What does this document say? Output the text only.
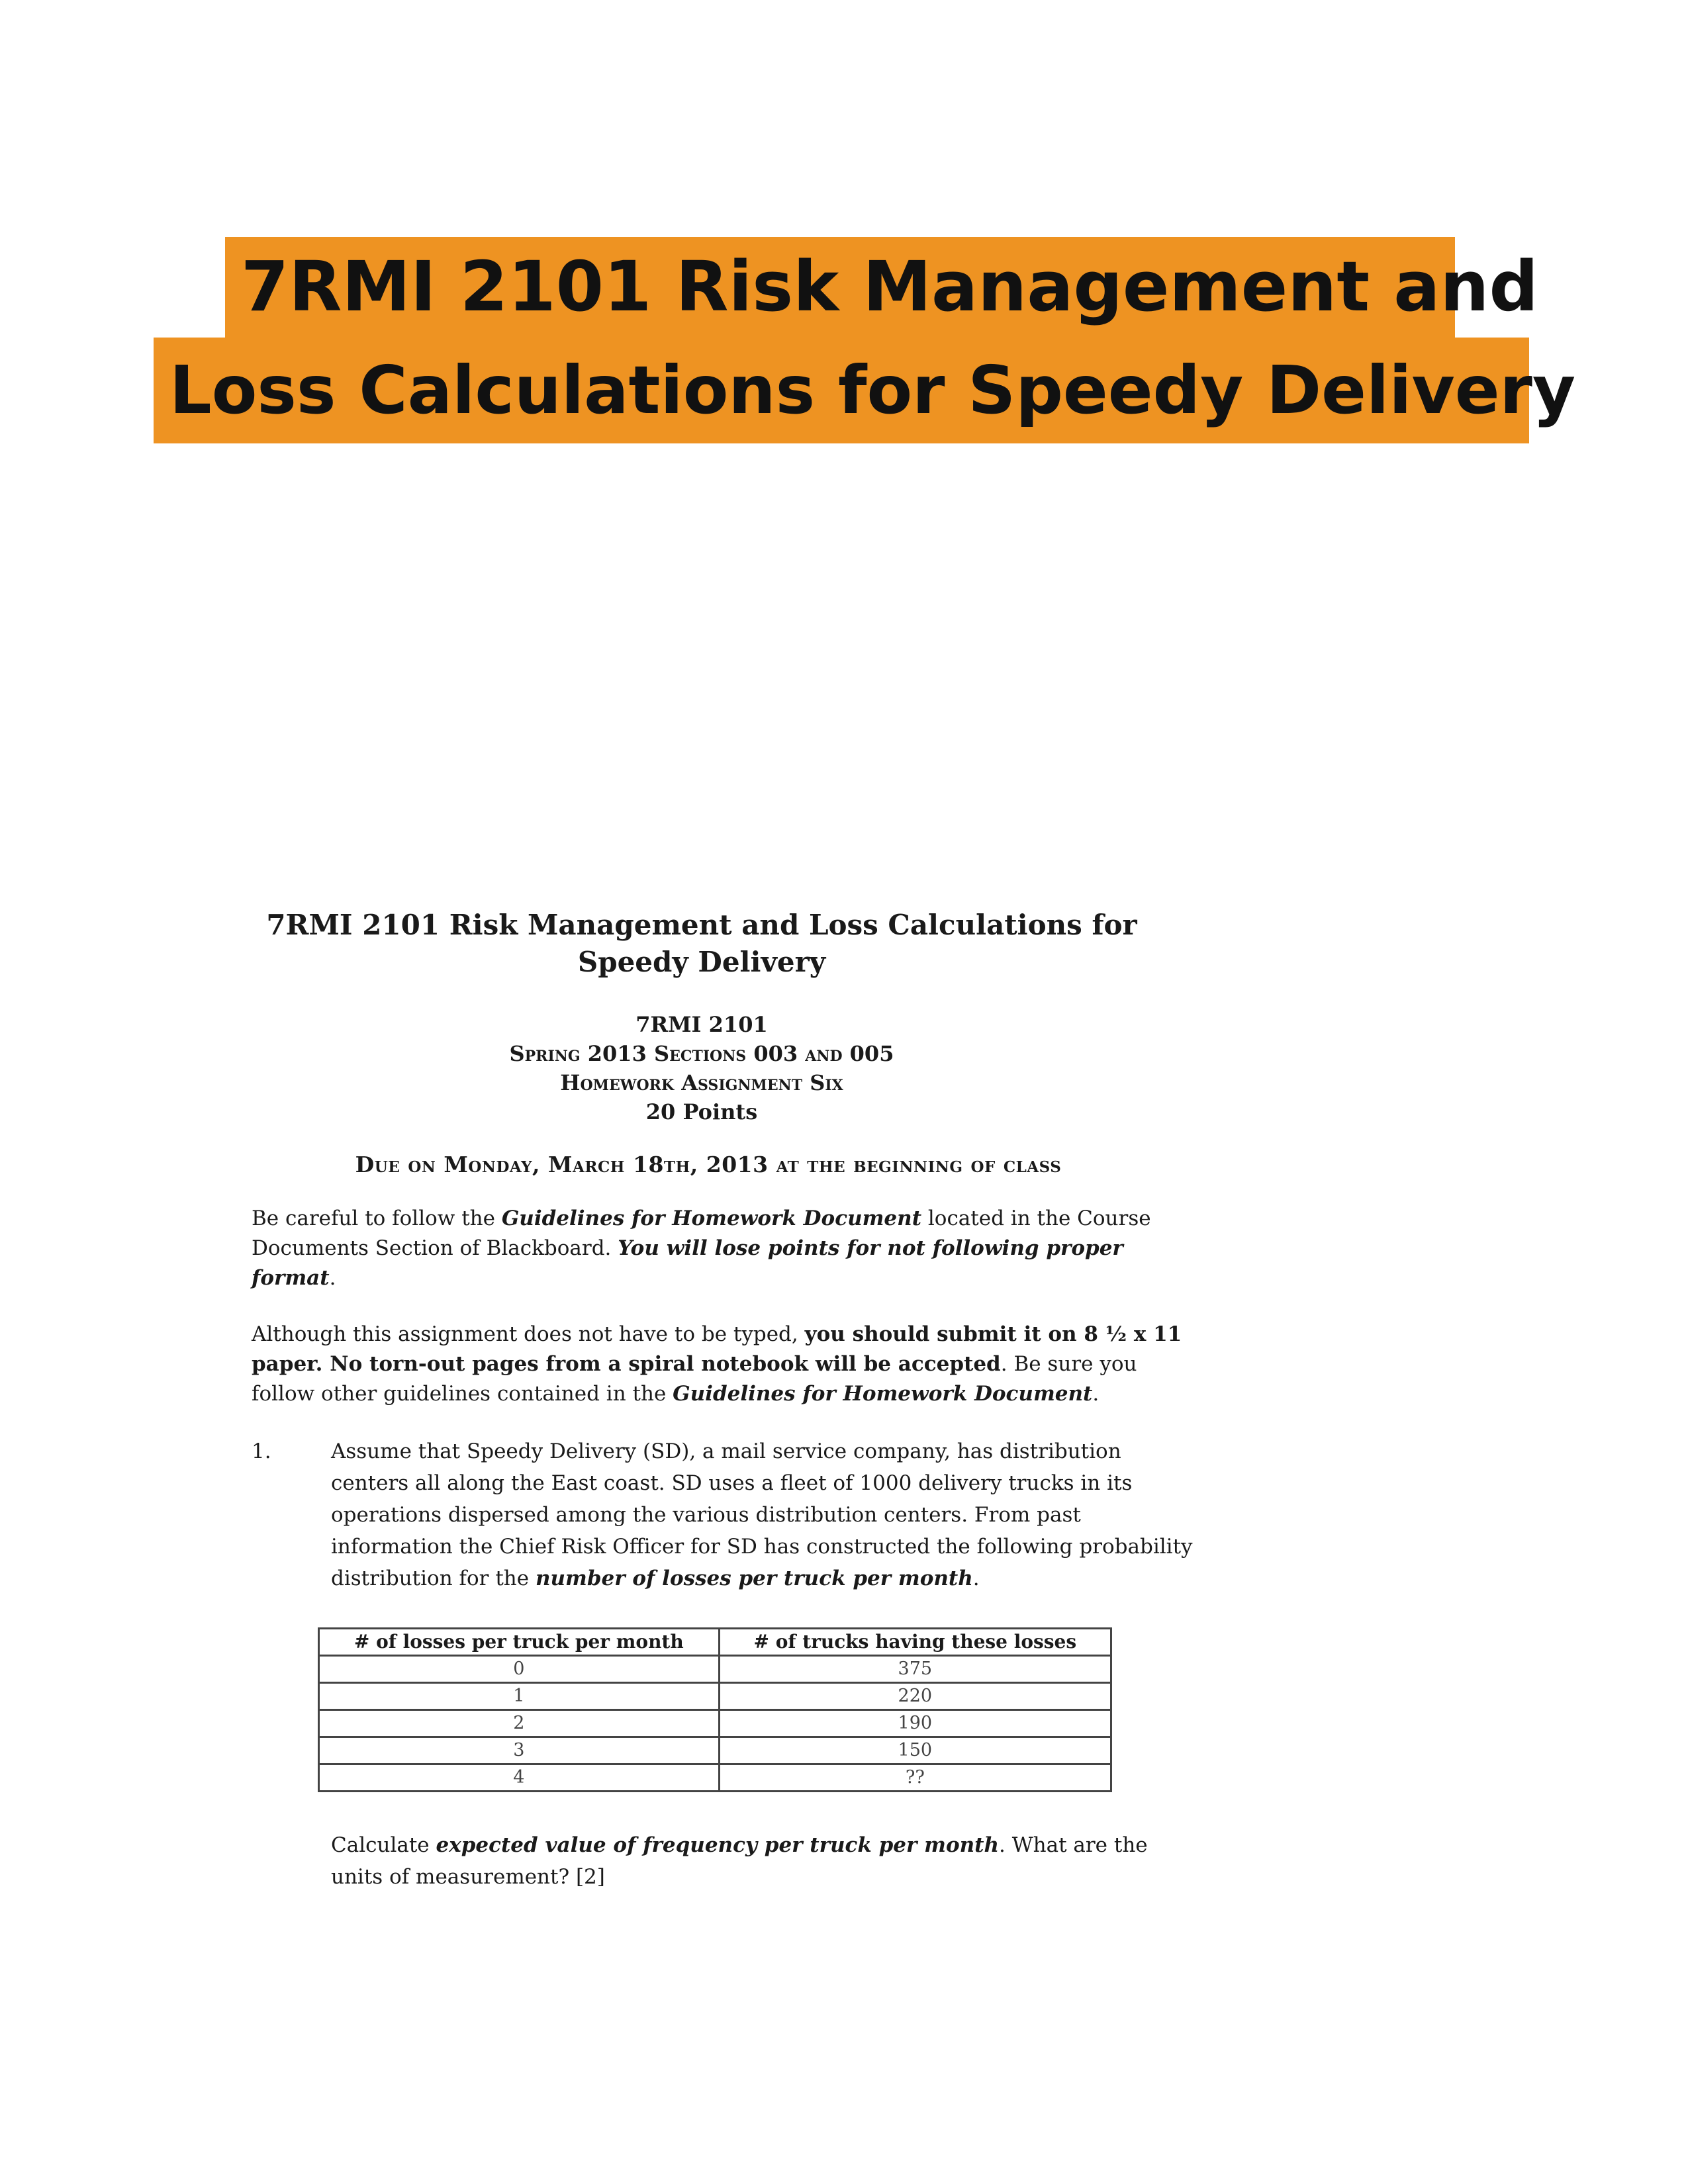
7RMI 2101 Risk Management and
Loss Calculations for Speedy Delivery
7RMI 2101 Risk Management and Loss Calculations for Speedy Delivery
7RMI 2101
Spring 2013 Sections 003 and 005
Homework Assignment Six
20 Points
Due on Monday, March 18th, 2013 at the beginning of class
Be careful to follow the Guidelines for Homework Document located in the Course Documents Section of Blackboard. You will lose points for not following proper format.
Although this assignment does not have to be typed, you should submit it on 8 ½ x 11 paper. No torn-out pages from a spiral notebook will be accepted. Be sure you follow other guidelines contained in the Guidelines for Homework Document.
1.	Assume that Speedy Delivery (SD), a mail service company, has distribution centers all along the East coast. SD uses a fleet of 1000 delivery trucks in its operations dispersed among the various distribution centers. From past information the Chief Risk Officer for SD has constructed the following probability distribution for the number of losses per truck per month.
# of losses per truck per month	# of trucks having these losses
0	375
1	220
2	190
3	150
4	??
Calculate expected value of frequency per truck per month. What are the units of measurement? [2]
